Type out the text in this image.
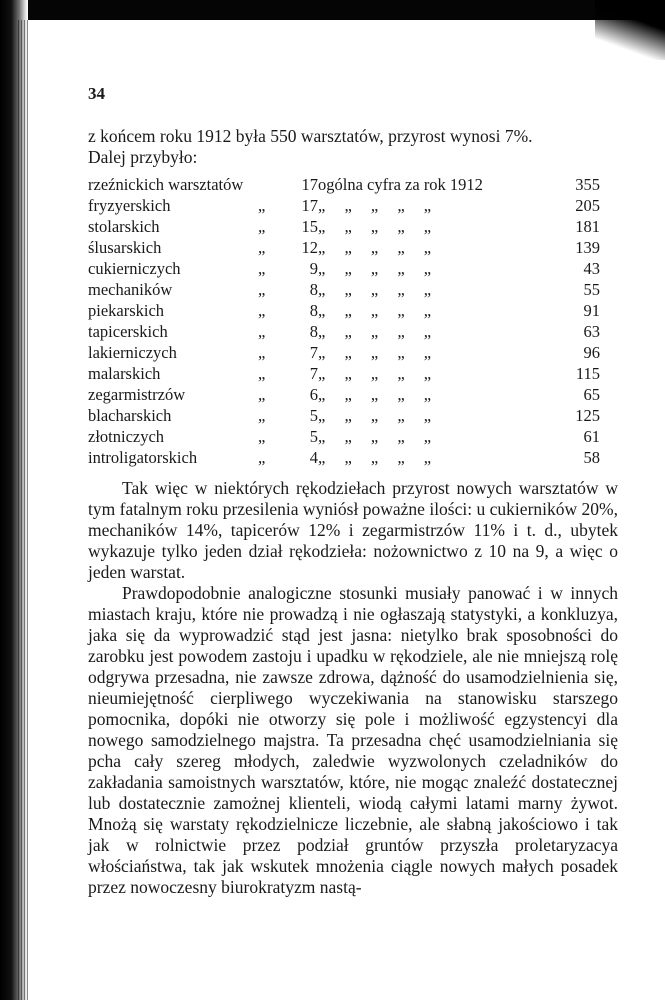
34

z końcem roku 1912 była 550 warsztatów, przyrost wynosi 7%.

Dalej przybyło:

rzeźnickich warsztatów		17	ogólna cyfra za rok 1912	355
fryzyerskich	„	17	„ „ „ „ „	205
stolarskich	„	15	„ „ „ „ „	181
ślusarskich	„	12	„ „ „ „ „	139
cukierniczych	„	9	„ „ „ „ „	43
mechaników	„	8	„ „ „ „ „	55
piekarskich	„	8	„ „ „ „ „	91
tapicerskich	„	8	„ „ „ „ „	63
lakierniczych	„	7	„ „ „ „ „	96
malarskich	„	7	„ „ „ „ „	115
zegarmistrzów	„	6	„ „ „ „ „	65
blacharskich	„	5	„ „ „ „ „	125
złotniczych	„	5	„ „ „ „ „	61
introligatorskich	„	4	„ „ „ „ „	58

Tak więc w niektórych rękodziełach przyrost nowych warsztatów w tym fatalnym roku przesilenia wyniósł poważne ilości: u cukierników 20%, mechaników 14%, tapicerów 12% i zegarmistrzów 11% i t. d., ubytek wykazuje tylko jeden dział rękodzieła: nożownictwo z 10 na 9, a więc o jeden warstat.

Prawdopodobnie analogiczne stosunki musiały panować i w innych miastach kraju, które nie prowadzą i nie ogłaszają statystyki, a konkluzya, jaka się da wyprowadzić stąd jest jasna: nietylko brak sposobności do zarobku jest powodem zastoju i upadku w rękodziele, ale nie mniejszą rolę odgrywa przesadna, nie zawsze zdrowa, dążność do usamodzielnienia się, nieumiejętność cierpliwego wyczekiwania na stanowisku starszego pomocnika, dopóki nie otworzy się pole i możliwość egzystencyi dla nowego samodzielnego majstra. Ta przesadna chęć usamodzielniania się pcha cały szereg młodych, zaledwie wyzwolonych czeladników do zakładania samoistnych warsztatów, które, nie mogąc znaleźć dostatecznej lub dostatecznie zamożnej klienteli, wiodą całymi latami marny żywot. Mnożą się warstaty rękodzielnicze liczebnie, ale słabną jakościowo i tak jak w rolnictwie przez podział gruntów przyszła proletaryzacya włościaństwa, tak jak wskutek mnożenia ciągle nowych małych posadek przez nowoczesny biurokratyzm nastą-
